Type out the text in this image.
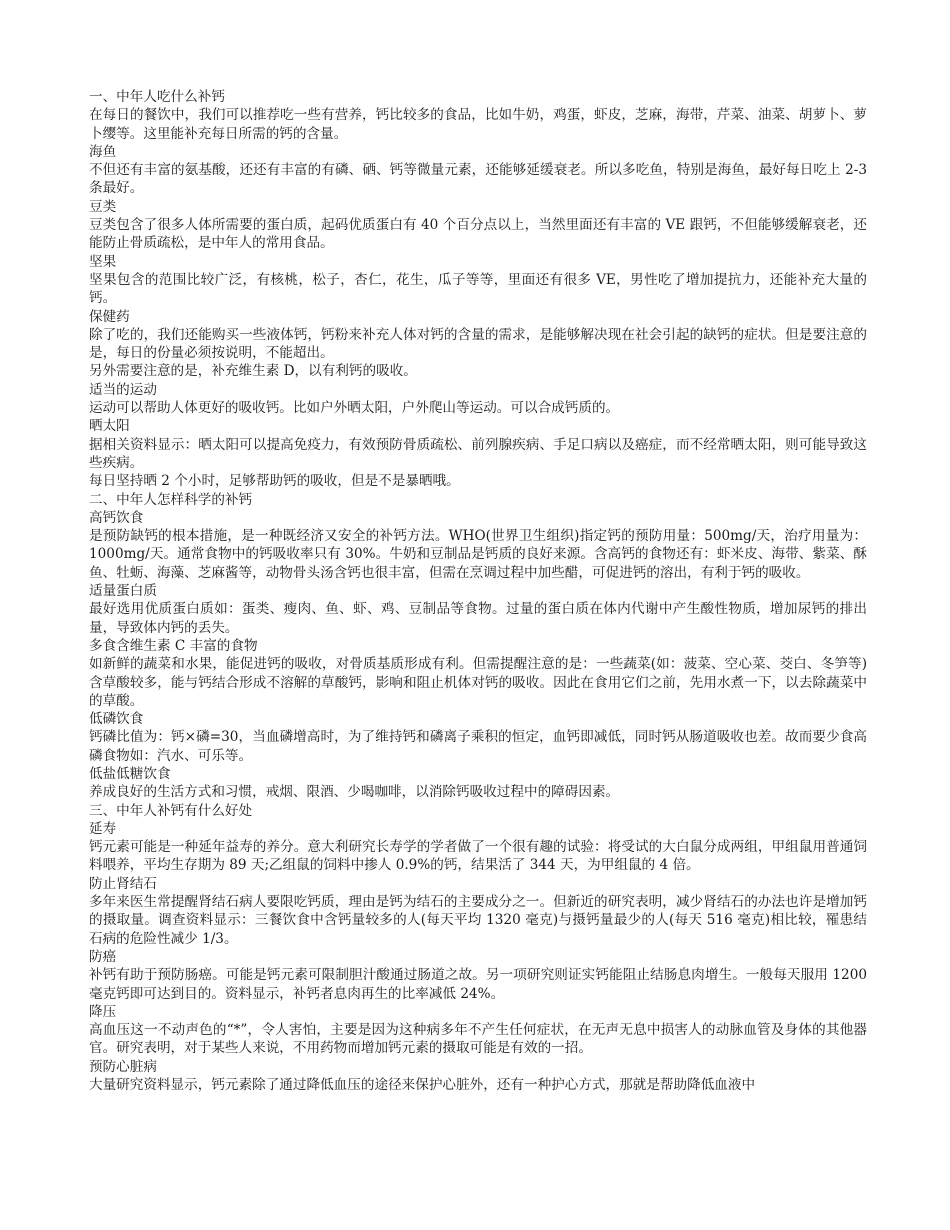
一、中年人吃什么补钙
在每日的餐饮中，我们可以推荐吃一些有营养，钙比较多的食品，比如牛奶，鸡蛋，虾皮，芝麻，海带，芹菜、油菜、胡萝卜、萝卜缨等。这里能补充每日所需的钙的含量。
海鱼
不但还有丰富的氨基酸，还还有丰富的有磷、硒、钙等微量元素，还能够延缓衰老。所以多吃鱼，特别是海鱼，最好每日吃上 2-3 条最好。
豆类
豆类包含了很多人体所需要的蛋白质，起码优质蛋白有 40 个百分点以上，当然里面还有丰富的 VE 跟钙，不但能够缓解衰老，还能防止骨质疏松，是中年人的常用食品。
坚果
坚果包含的范围比较广泛，有核桃，松子，杏仁，花生，瓜子等等，里面还有很多 VE，男性吃了增加提抗力，还能补充大量的钙。
保健药
除了吃的，我们还能购买一些液体钙，钙粉来补充人体对钙的含量的需求，是能够解决现在社会引起的缺钙的症状。但是要注意的是，每日的份量必须按说明，不能超出。
另外需要注意的是，补充维生素 D，以有利钙的吸收。
适当的运动
运动可以帮助人体更好的吸收钙。比如户外晒太阳，户外爬山等运动。可以合成钙质的。
晒太阳
据相关资料显示：晒太阳可以提高免疫力，有效预防骨质疏松、前列腺疾病、手足口病以及癌症，而不经常晒太阳，则可能导致这些疾病。
每日坚持晒 2 个小时，足够帮助钙的吸收，但是不是暴晒哦。
二、中年人怎样科学的补钙
高钙饮食
是预防缺钙的根本措施，是一种既经济又安全的补钙方法。WHO(世界卫生组织)指定钙的预防用量：500mg/天，治疗用量为：1000mg/天。通常食物中的钙吸收率只有 30%。牛奶和豆制品是钙质的良好来源。含高钙的食物还有：虾米皮、海带、紫菜、酥鱼、牡蛎、海藻、芝麻酱等，动物骨头汤含钙也很丰富，但需在烹调过程中加些醋，可促进钙的溶出，有利于钙的吸收。
适量蛋白质
最好选用优质蛋白质如：蛋类、瘦肉、鱼、虾、鸡、豆制品等食物。过量的蛋白质在体内代谢中产生酸性物质，增加尿钙的排出量，导致体内钙的丢失。
多食含维生素 C 丰富的食物
如新鲜的蔬菜和水果，能促进钙的吸收，对骨质基质形成有利。但需提醒注意的是：一些蔬菜(如：菠菜、空心菜、茭白、冬笋等)含草酸较多，能与钙结合形成不溶解的草酸钙，影响和阻止机体对钙的吸收。因此在食用它们之前，先用水煮一下，以去除蔬菜中的草酸。
低磷饮食
钙磷比值为：钙×磷=30，当血磷增高时，为了维持钙和磷离子乘积的恒定，血钙即减低，同时钙从肠道吸收也差。故而要少食高磷食物如：汽水、可乐等。
低盐低糖饮食
养成良好的生活方式和习惯，戒烟、限酒、少喝咖啡，以消除钙吸收过程中的障碍因素。
三、中年人补钙有什么好处
延寿
钙元素可能是一种延年益寿的养分。意大利研究长寿学的学者做了一个很有趣的试验：将受试的大白鼠分成两组，甲组鼠用普通饲料喂养，平均生存期为 89 天;乙组鼠的饲料中掺人 0.9%的钙，结果活了 344 天，为甲组鼠的 4 倍。
防止肾结石
多年来医生常提醒肾结石病人要限吃钙质，理由是钙为结石的主要成分之一。但新近的研究表明，减少肾结石的办法也许是增加钙的摄取量。调查资料显示：三餐饮食中含钙量较多的人(每天平均 1320 毫克)与摄钙量最少的人(每天 516 毫克)相比较，罹患结石病的危险性减少 1/3。
防癌
补钙有助于预防肠癌。可能是钙元素可限制胆汁酸通过肠道之故。另一项研究则证实钙能阻止结肠息肉增生。一般每天服用 1200 毫克钙即可达到目的。资料显示，补钙者息肉再生的比率减低 24%。
降压
高血压这一不动声色的“*”，令人害怕，主要是因为这种病多年不产生任何症状，在无声无息中损害人的动脉血管及身体的其他器官。研究表明，对于某些人来说，不用药物而增加钙元素的摄取可能是有效的一招。
预防心脏病
大量研究资料显示，钙元素除了通过降低血压的途径来保护心脏外，还有一种护心方式，那就是帮助降低血液中
